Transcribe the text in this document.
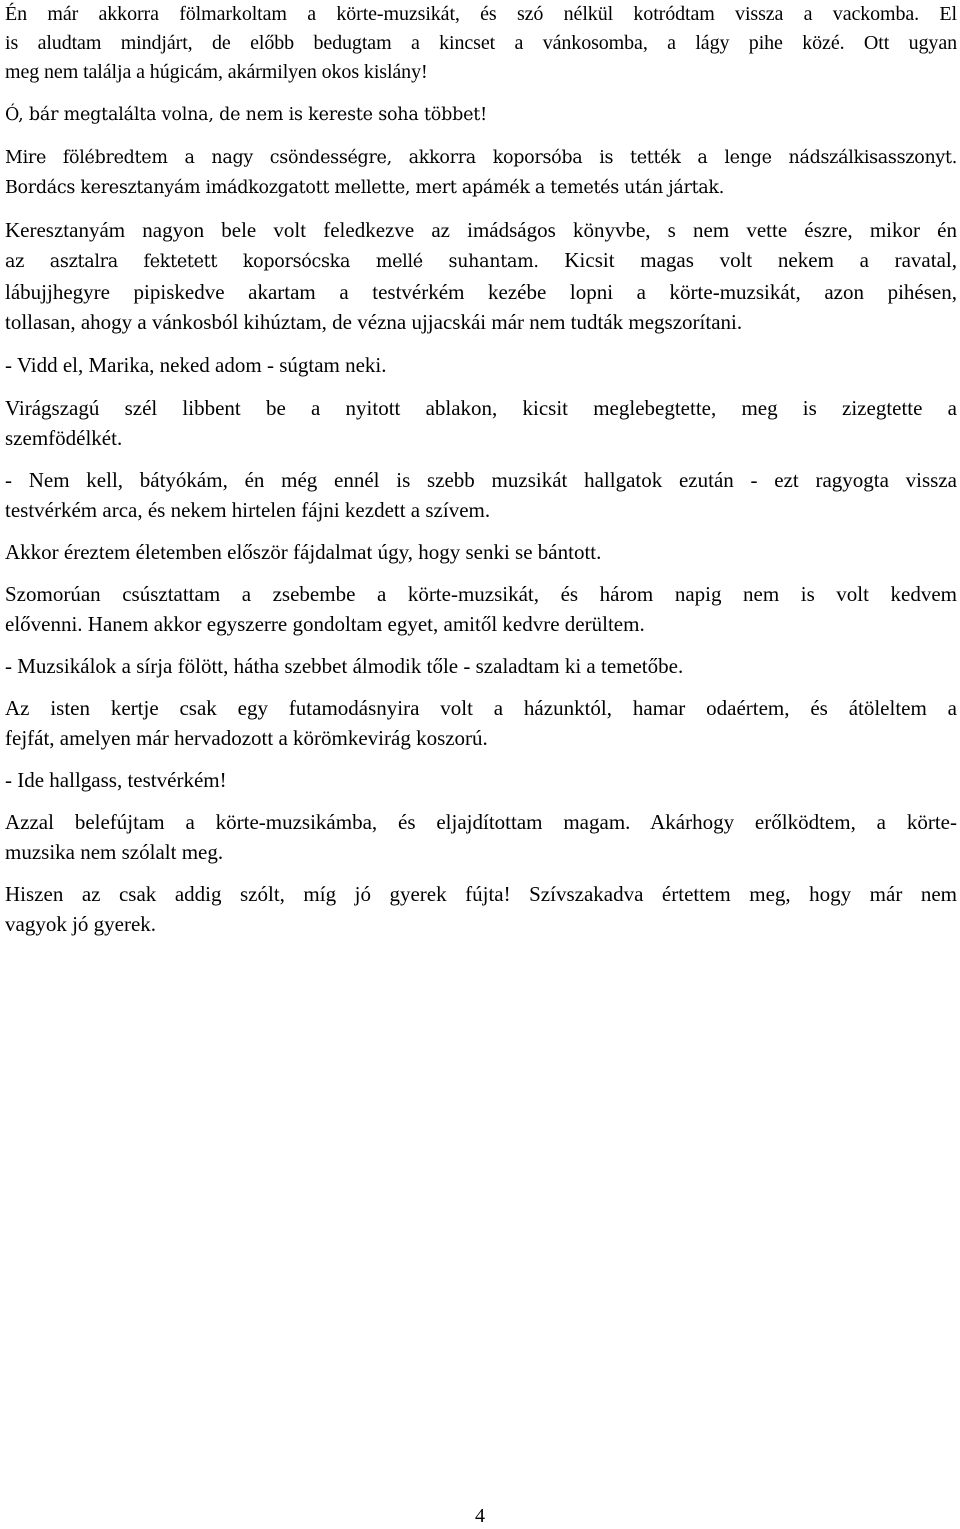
Én már akkorra fölmarkoltam a körte-muzsikát, és szó nélkül kotródtam vissza a vackomba. El
is aludtam mindjárt, de előbb bedugtam a kincset a vánkosomba, a lágy pihe közé. Ott ugyan
meg nem találja a húgicám, akármilyen okos kislány!
Ó, bár megtalálta volna, de nem is kereste soha többet!
Mire fölébredtem a nagy csöndességre, akkorra koporsóba is tették a lenge nádszálkisasszonyt.
Bordács keresztanyám imádkozgatott mellette, mert apámék a temetés után jártak.
Keresztanyám nagyon bele volt feledkezve az imádságos könyvbe, s nem vette észre, mikor én
az asztalra fektetett koporsócska mellé suhantam. Kicsit magas volt nekem a ravatal,
lábujjhegyre pipiskedve akartam a testvérkém kezébe lopni a körte-muzsikát, azon pihésen,
tollasan, ahogy a vánkosból kihúztam, de vézna ujjacskái már nem tudták megszorítani.
- Vidd el, Marika, neked adom - súgtam neki.
Virágszagú szél libbent be a nyitott ablakon, kicsit meglebegtette, meg is zizegtette a
szemfödélkét.
- Nem kell, bátyókám, én még ennél is szebb muzsikát hallgatok ezután - ezt ragyogta vissza
testvérkém arca, és nekem hirtelen fájni kezdett a szívem.
Akkor éreztem életemben először fájdalmat úgy, hogy senki se bántott.
Szomorúan csúsztattam a zsebembe a körte-muzsikát, és három napig nem is volt kedvem
elővenni. Hanem akkor egyszerre gondoltam egyet, amitől kedvre derültem.
- Muzsikálok a sírja fölött, hátha szebbet álmodik tőle - szaladtam ki a temetőbe.
Az isten kertje csak egy futamodásnyira volt a házunktól, hamar odaértem, és átöleltem a
fejfát, amelyen már hervadozott a körömkevirág koszorú.
- Ide hallgass, testvérkém!
Azzal belefújtam a körte-muzsikámba, és eljajdítottam magam. Akárhogy erőlködtem, a körte-
muzsika nem szólalt meg.
Hiszen az csak addig szólt, míg jó gyerek fújta! Szívszakadva értettem meg, hogy már nem
vagyok jó gyerek.
4
